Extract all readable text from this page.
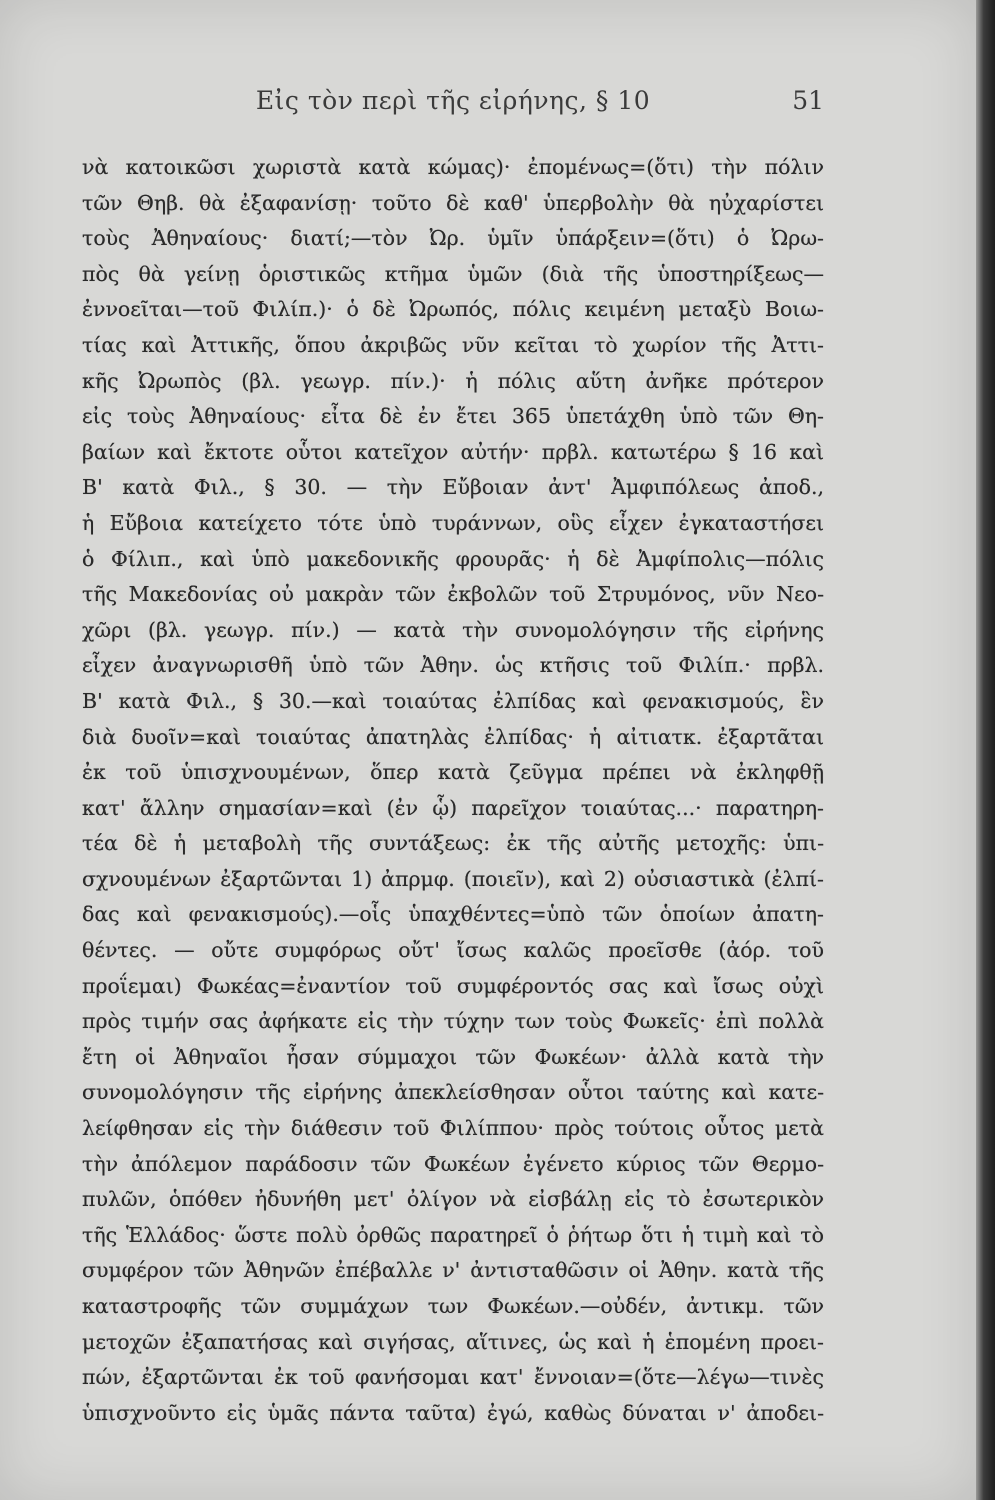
Εἰς τὸν περὶ τῆς εἰρήνης, § 10	51
νὰ κατοικῶσι χωριστὰ κατὰ κώμας)· ἐπομένως=(ὅτι) τὴν πόλιν
τῶν Θηβ. θὰ ἐξαφανίσῃ· τοῦτο δὲ καθ' ὑπερβολὴν θὰ ηὐχαρίστει
τοὺς Ἀθηναίους· διατί;—τὸν Ὠρ. ὑμῖν ὑπάρξειν=(ὅτι) ὁ Ὠρω-
πὸς θὰ γείνῃ ὁριστικῶς κτῆμα ὑμῶν (διὰ τῆς ὑποστηρίξεως—
ἐννοεῖται—τοῦ Φιλίπ.)· ὁ δὲ Ὠρωπός, πόλις κειμένη μεταξὺ Βοιω-
τίας καὶ Ἀττικῆς, ὅπου ἀκριβῶς νῦν κεῖται τὸ χωρίον τῆς Ἀττι-
κῆς Ὠρωπὸς (βλ. γεωγρ. πίν.)· ἡ πόλις αὕτη ἀνῆκε πρότερον
εἰς τοὺς Ἀθηναίους· εἶτα δὲ ἐν ἔτει 365 ὑπετάχθη ὑπὸ τῶν Θη-
βαίων καὶ ἔκτοτε οὗτοι κατεῖχον αὐτήν· πρβλ. κατωτέρω § 16 καὶ
Β' κατὰ Φιλ., § 30. — τὴν Εὔβοιαν ἀντ' Ἀμφιπόλεως ἀποδ.,
ἡ Εὔβοια κατείχετο τότε ὑπὸ τυράννων, οὓς εἶχεν ἐγκαταστήσει
ὁ Φίλιπ., καὶ ὑπὸ μακεδονικῆς φρουρᾶς· ἡ δὲ Ἀμφίπολις—πόλις
τῆς Μακεδονίας οὐ μακρὰν τῶν ἐκβολῶν τοῦ Στρυμόνος, νῦν Νεο-
χῶρι (βλ. γεωγρ. πίν.) — κατὰ τὴν συνομολόγησιν τῆς εἰρήνης
εἶχεν ἀναγνωρισθῆ ὑπὸ τῶν Ἀθην. ὡς κτῆσις τοῦ Φιλίπ.· πρβλ.
Β' κατὰ Φιλ., § 30.—καὶ τοιαύτας ἐλπίδας καὶ φενακισμούς, ἓν
διὰ δυοῖν=καὶ τοιαύτας ἀπατηλὰς ἐλπίδας· ἡ αἰτιατκ. ἐξαρτᾶται
ἐκ τοῦ ὑπισχνουμένων, ὅπερ κατὰ ζεῦγμα πρέπει νὰ ἐκληφθῇ
κατ' ἄλλην σημασίαν=καὶ (ἐν ᾧ) παρεῖχον τοιαύτας...· παρατηρη-
τέα δὲ ἡ μεταβολὴ τῆς συντάξεως: ἐκ τῆς αὐτῆς μετοχῆς: ὑπι-
σχνουμένων ἐξαρτῶνται 1) ἀπρμφ. (ποιεῖν), καὶ 2) οὐσιαστικὰ (ἐλπί-
δας καὶ φενακισμούς).—οἷς ὑπαχθέντες=ὑπὸ τῶν ὁποίων ἀπατη-
θέντες. — οὔτε συμφόρως οὔτ' ἴσως καλῶς προεῖσθε (ἀόρ. τοῦ
προΐεμαι) Φωκέας=ἐναντίον τοῦ συμφέροντός σας καὶ ἴσως οὐχὶ
πρὸς τιμήν σας ἀφήκατε εἰς τὴν τύχην των τοὺς Φωκεῖς· ἐπὶ πολλὰ
ἔτη οἱ Ἀθηναῖοι ἦσαν σύμμαχοι τῶν Φωκέων· ἀλλὰ κατὰ τὴν
συνομολόγησιν τῆς εἰρήνης ἀπεκλείσθησαν οὗτοι ταύτης καὶ κατε-
λείφθησαν εἰς τὴν διάθεσιν τοῦ Φιλίππου· πρὸς τούτοις οὗτος μετὰ
τὴν ἀπόλεμον παράδοσιν τῶν Φωκέων ἐγένετο κύριος τῶν Θερμο-
πυλῶν, ὁπόθεν ἠδυνήθη μετ' ὀλίγον νὰ εἰσβάλῃ εἰς τὸ ἐσωτερικὸν
τῆς Ἑλλάδος· ὥστε πολὺ ὀρθῶς παρατηρεῖ ὁ ῥήτωρ ὅτι ἡ τιμὴ καὶ τὸ
συμφέρον τῶν Ἀθηνῶν ἐπέβαλλε ν' ἀντισταθῶσιν οἱ Ἀθην. κατὰ τῆς
καταστροφῆς τῶν συμμάχων των Φωκέων.—οὐδέν, ἀντικμ. τῶν
μετοχῶν ἐξαπατήσας καὶ σιγήσας, αἵτινες, ὡς καὶ ἡ ἑπομένη προει-
πών, ἐξαρτῶνται ἐκ τοῦ φανήσομαι κατ' ἔννοιαν=(ὅτε—λέγω—τινὲς
ὑπισχνοῦντο εἰς ὑμᾶς πάντα ταῦτα) ἐγώ, καθὼς δύναται ν' ἀποδει-
